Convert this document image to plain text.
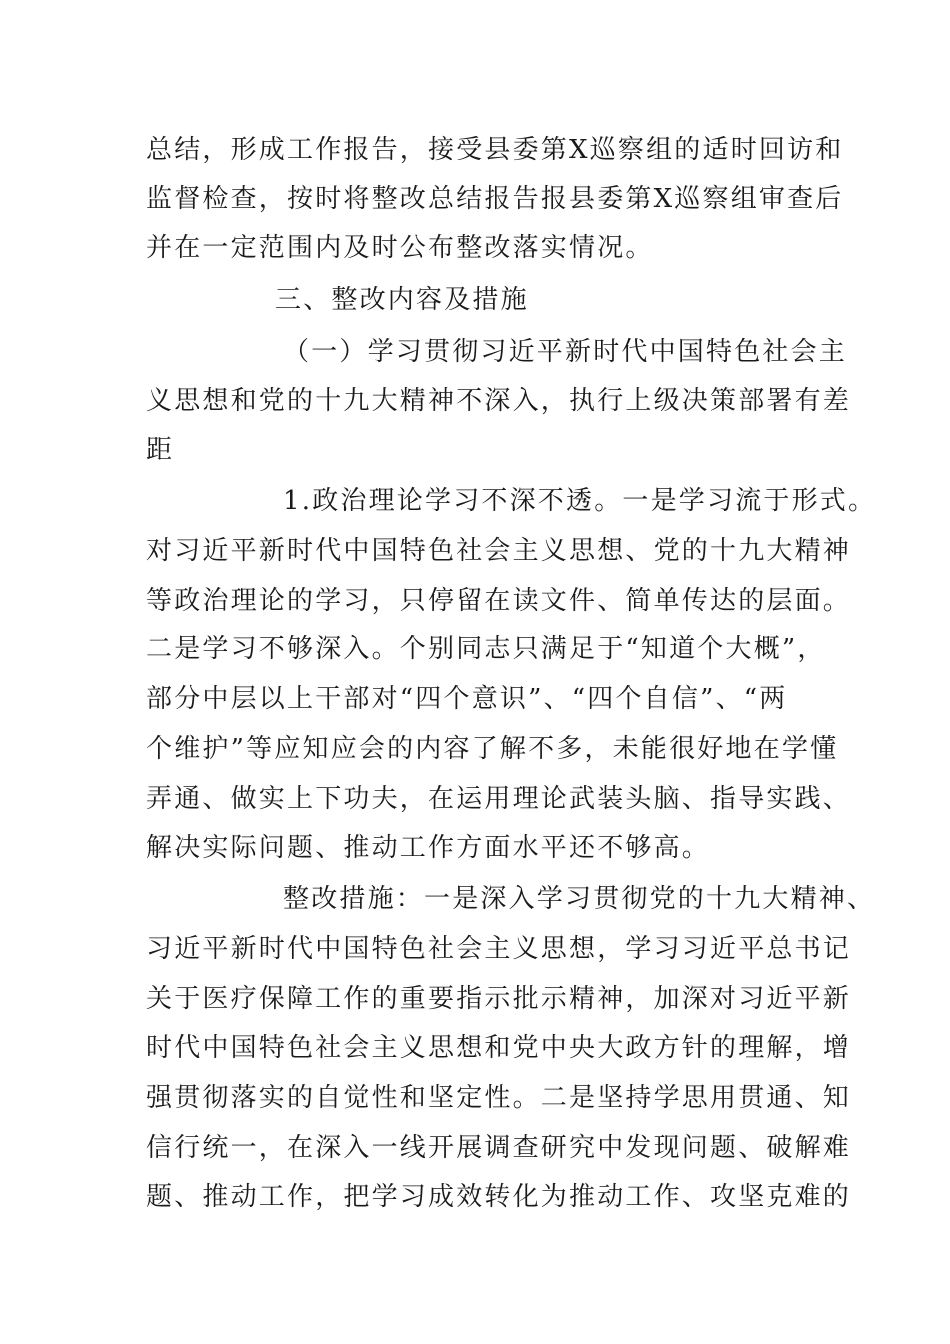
总结，形成工作报告，接受县委第X巡察组的适时回访和
监督检查，按时将整改总结报告报县委第X巡察组审查后
并在一定范围内及时公布整改落实情况。
三、整改内容及措施
（一）学习贯彻习近平新时代中国特色社会主
义思想和党的十九大精神不深入，执行上级决策部署有差
距
1.政治理论学习不深不透。一是学习流于形式。
对习近平新时代中国特色社会主义思想、党的十九大精神
等政治理论的学习，只停留在读文件、简单传达的层面。
二是学习不够深入。个别同志只满足于“知道个大概”，
部分中层以上干部对“四个意识”、“四个自信”、“两
个维护”等应知应会的内容了解不多，未能很好地在学懂
弄通、做实上下功夫，在运用理论武装头脑、指导实践、
解决实际问题、推动工作方面水平还不够高。
整改措施：一是深入学习贯彻党的十九大精神、
习近平新时代中国特色社会主义思想，学习习近平总书记
关于医疗保障工作的重要指示批示精神，加深对习近平新
时代中国特色社会主义思想和党中央大政方针的理解，增
强贯彻落实的自觉性和坚定性。二是坚持学思用贯通、知
信行统一，在深入一线开展调查研究中发现问题、破解难
题、推动工作，把学习成效转化为推动工作、攻坚克难的
